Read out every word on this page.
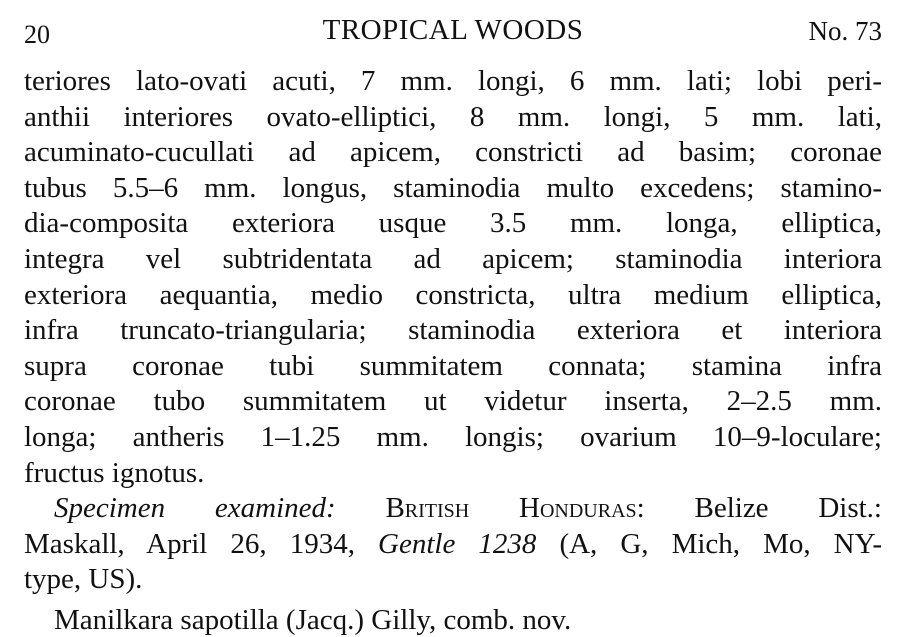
20	TROPICAL WOODS	No. 73
teriores lato-ovati acuti, 7 mm. longi, 6 mm. lati; lobi peri-
anthii interiores ovato-elliptici, 8 mm. longi, 5 mm. lati,
acuminato-cucullati ad apicem, constricti ad basim; coronae
tubus 5.5–6 mm. longus, staminodia multo excedens; stamino-
dia-composita exteriora usque 3.5 mm. longa, elliptica,
integra vel subtridentata ad apicem; staminodia interiora
exteriora aequantia, medio constricta, ultra medium elliptica,
infra truncato-triangularia; staminodia exteriora et interiora
supra coronae tubi summitatem connata; stamina infra
coronae tubo summitatem ut videtur inserta, 2–2.5 mm.
longa; antheris 1–1.25 mm. longis; ovarium 10–9-loculare;
fructus ignotus.
Specimen examined: British Honduras: Belize Dist.:
Maskall, April 26, 1934, Gentle 1238 (A, G, Mich, Mo, NY-
type, US).
Manilkara sapotilla (Jacq.) Gilly, comb. nov.
